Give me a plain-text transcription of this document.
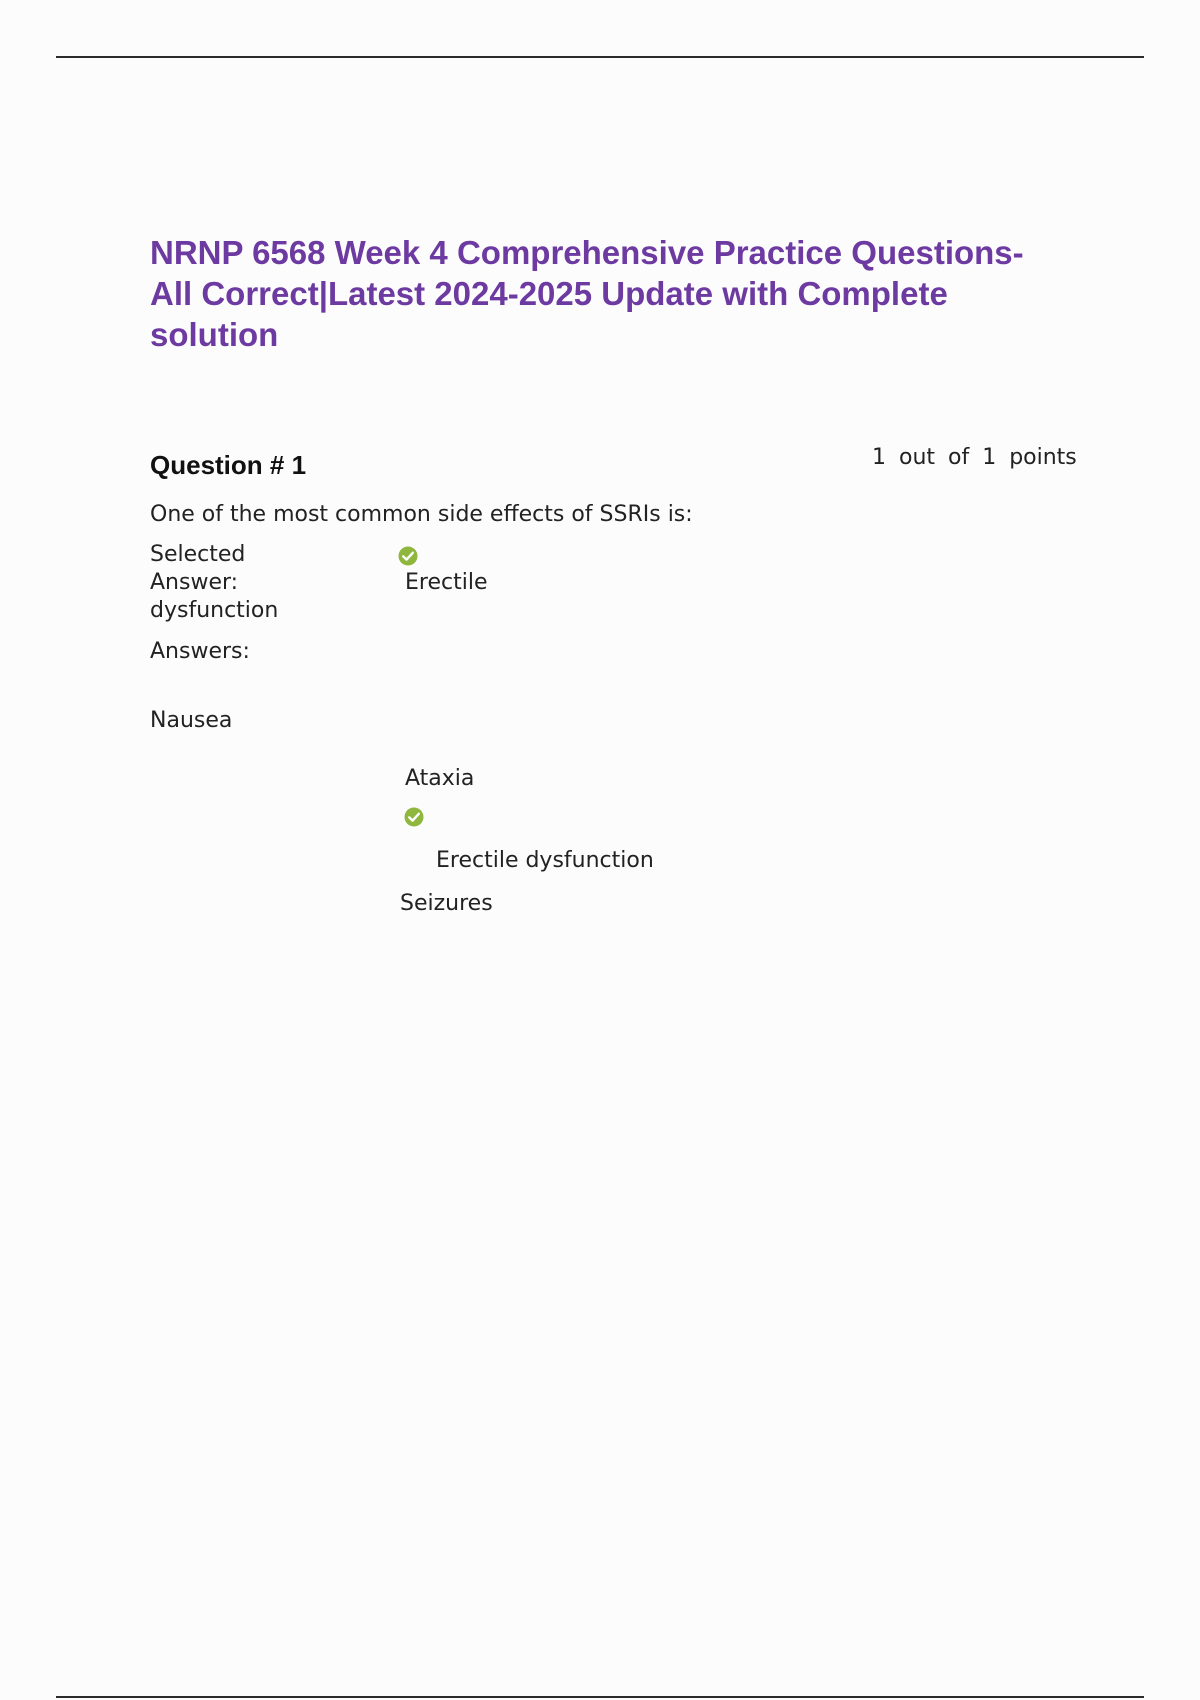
NRNP 6568 Week 4 Comprehensive Practice Questions-
All Correct|Latest 2024-2025 Update with Complete
solution
Question # 1	1 out of 1 points
One of the most common side effects of SSRIs is:
Selected
Answer:
dysfunction
Erectile
Answers:
Nausea
Ataxia
Erectile dysfunction
Seizures
